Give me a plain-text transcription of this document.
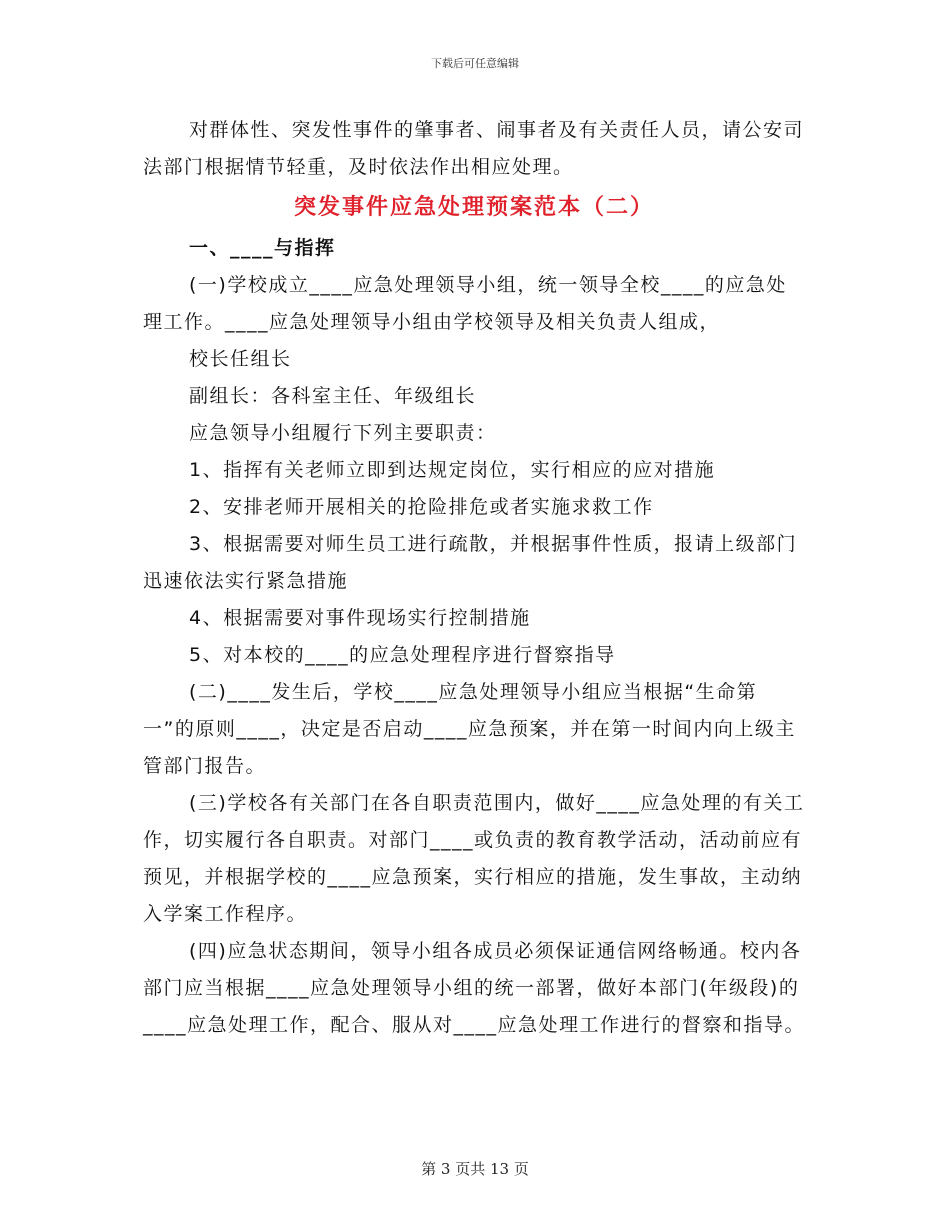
下载后可任意编辑

对群体性、突发性事件的肇事者、闹事者及有关责任人员，请公安司法部门根据情节轻重，及时依法作出相应处理。

突发事件应急处理预案范本（二）

一、____与指挥

(一)学校成立____应急处理领导小组，统一领导全校____的应急处理工作。____应急处理领导小组由学校领导及相关负责人组成，

校长任组长

副组长：各科室主任、年级组长

应急领导小组履行下列主要职责：

1、指挥有关老师立即到达规定岗位，实行相应的应对措施

2、安排老师开展相关的抢险排危或者实施求救工作

3、根据需要对师生员工进行疏散，并根据事件性质，报请上级部门迅速依法实行紧急措施

4、根据需要对事件现场实行控制措施

5、对本校的____的应急处理程序进行督察指导

(二)____发生后，学校____应急处理领导小组应当根据“生命第一”的原则____，决定是否启动____应急预案，并在第一时间内向上级主管部门报告。

(三)学校各有关部门在各自职责范围内，做好____应急处理的有关工作，切实履行各自职责。对部门____或负责的教育教学活动，活动前应有预见，并根据学校的____应急预案，实行相应的措施，发生事故，主动纳入学案工作程序。

(四)应急状态期间，领导小组各成员必须保证通信网络畅通。校内各部门应当根据____应急处理领导小组的统一部署，做好本部门(年级段)的____应急处理工作，配合、服从对____应急处理工作进行的督察和指导。

第 3 页共 13 页
